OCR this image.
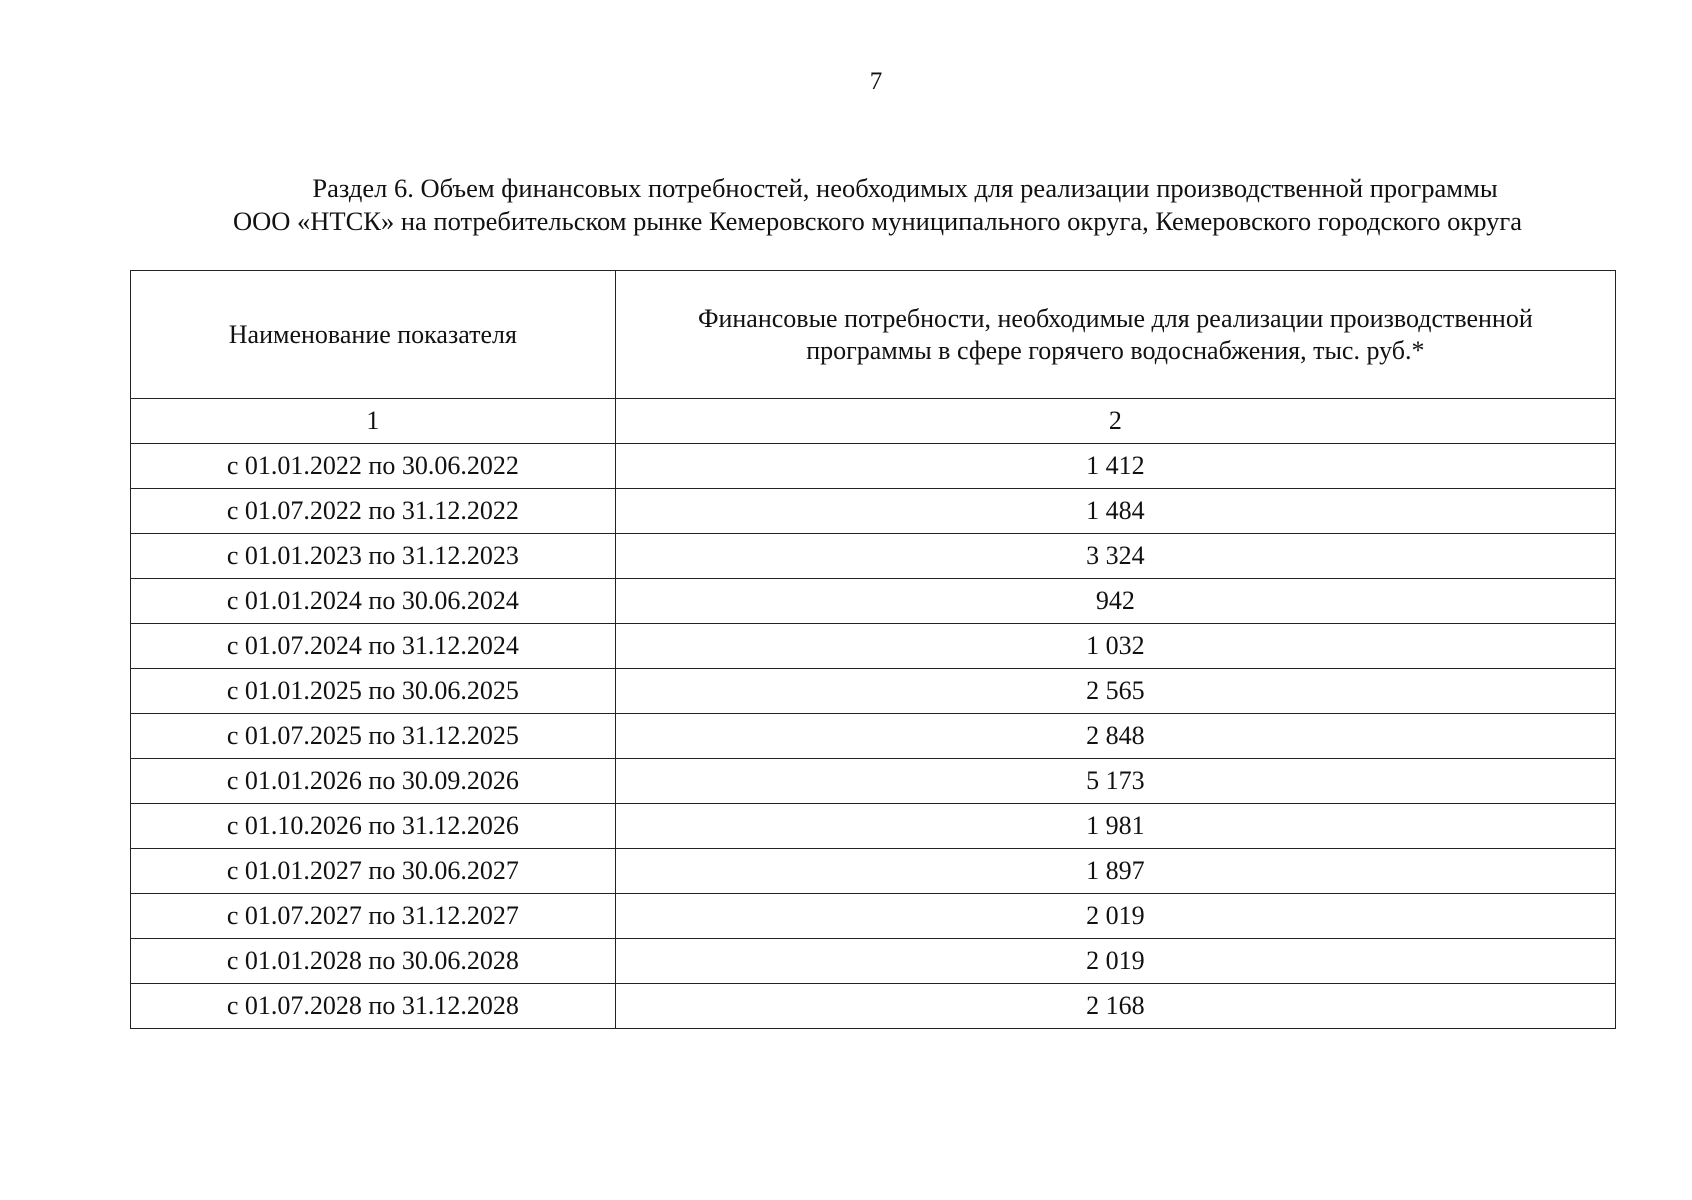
7
Раздел 6. Объем финансовых потребностей, необходимых для реализации производственной программы
ООО «НТСК» на потребительском рынке Кемеровского муниципального округа, Кемеровского городского округа
Наименование показателя	Финансовые потребности, необходимые для реализации производственной
программы в сфере горячего водоснабжения, тыс. руб.*

1	2
с 01.01.2022 по 30.06.2022	1 412
с 01.07.2022 по 31.12.2022	1 484
с 01.01.2023 по 31.12.2023	3 324
с 01.01.2024 по 30.06.2024	942
с 01.07.2024 по 31.12.2024	1 032
с 01.01.2025 по 30.06.2025	2 565
с 01.07.2025 по 31.12.2025	2 848
с 01.01.2026 по 30.09.2026	5 173
с 01.10.2026 по 31.12.2026	1 981
с 01.01.2027 по 30.06.2027	1 897
с 01.07.2027 по 31.12.2027	2 019
с 01.01.2028 по 30.06.2028	2 019
с 01.07.2028 по 31.12.2028	2 168
